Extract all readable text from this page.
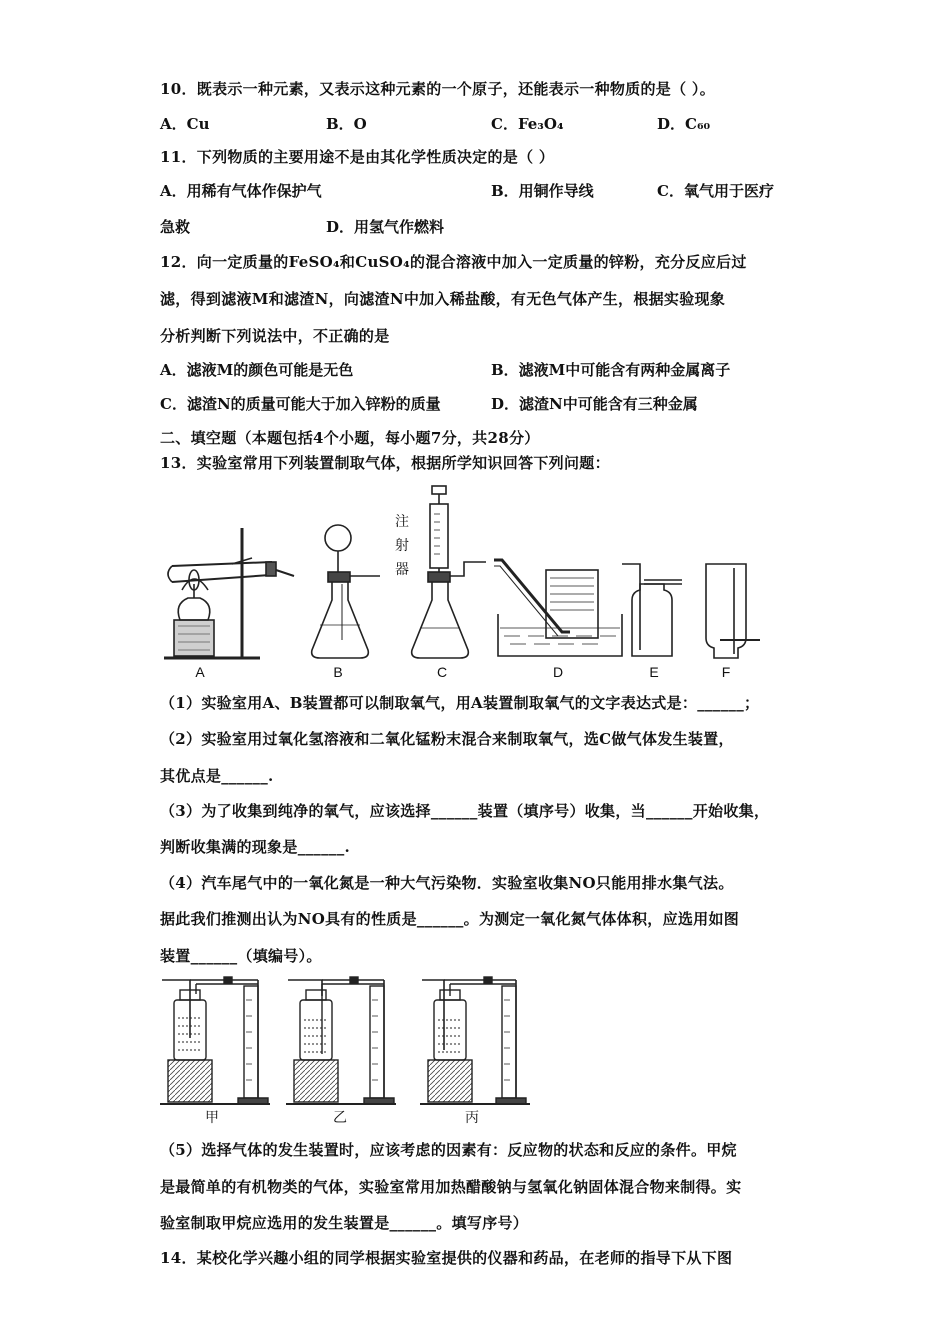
10．既表示一种元素，又表示这种元素的一个原子，还能表示一种物质的是（ ）。
A．Cu	B．O	C．Fe₃O₄	D．C₆₀
11．下列物质的主要用途不是由其化学性质决定的是（ ）
A．用稀有气体作保护气	B．用铜作导线	C．氧气用于医疗
急救	D．用氢气作燃料
12．向一定质量的FeSO₄和CuSO₄的混合溶液中加入一定质量的锌粉，充分反应后过
滤，得到滤液M和滤渣N，向滤渣N中加入稀盐酸，有无色气体产生，根据实验现象
分析判断下列说法中，不正确的是
A．滤液M的颜色可能是无色	B．滤液M中可能含有两种金属离子
C．滤渣N的质量可能大于加入锌粉的质量	D．滤渣N中可能含有三种金属
二、填空题（本题包括4个小题，每小题7分，共28分）
13．实验室常用下列装置制取气体，根据所学知识回答下列问题：
A	B	C	D	E	F
注
射
器
（1）实验室用A、B装置都可以制取氧气，用A装置制取氧气的文字表达式是：______；
（2）实验室用过氧化氢溶液和二氧化锰粉末混合来制取氧气，选C做气体发生装置，
其优点是______.
（3）为了收集到纯净的氧气，应该选择______装置（填序号）收集，当______开始收集，
判断收集满的现象是______.
（4）汽车尾气中的一氧化氮是一种大气污染物．实验室收集NO只能用排水集气法。
据此我们推测出认为NO具有的性质是______。为测定一氧化氮气体体积，应选用如图
装置______（填编号）。
甲	乙	丙
（5）选择气体的发生装置时，应该考虑的因素有：反应物的状态和反应的条件。甲烷
是最简单的有机物类的气体，实验室常用加热醋酸钠与氢氧化钠固体混合物来制得。实
验室制取甲烷应选用的发生装置是______。填写序号）
14．某校化学兴趣小组的同学根据实验室提供的仪器和药品，在老师的指导下从下图
